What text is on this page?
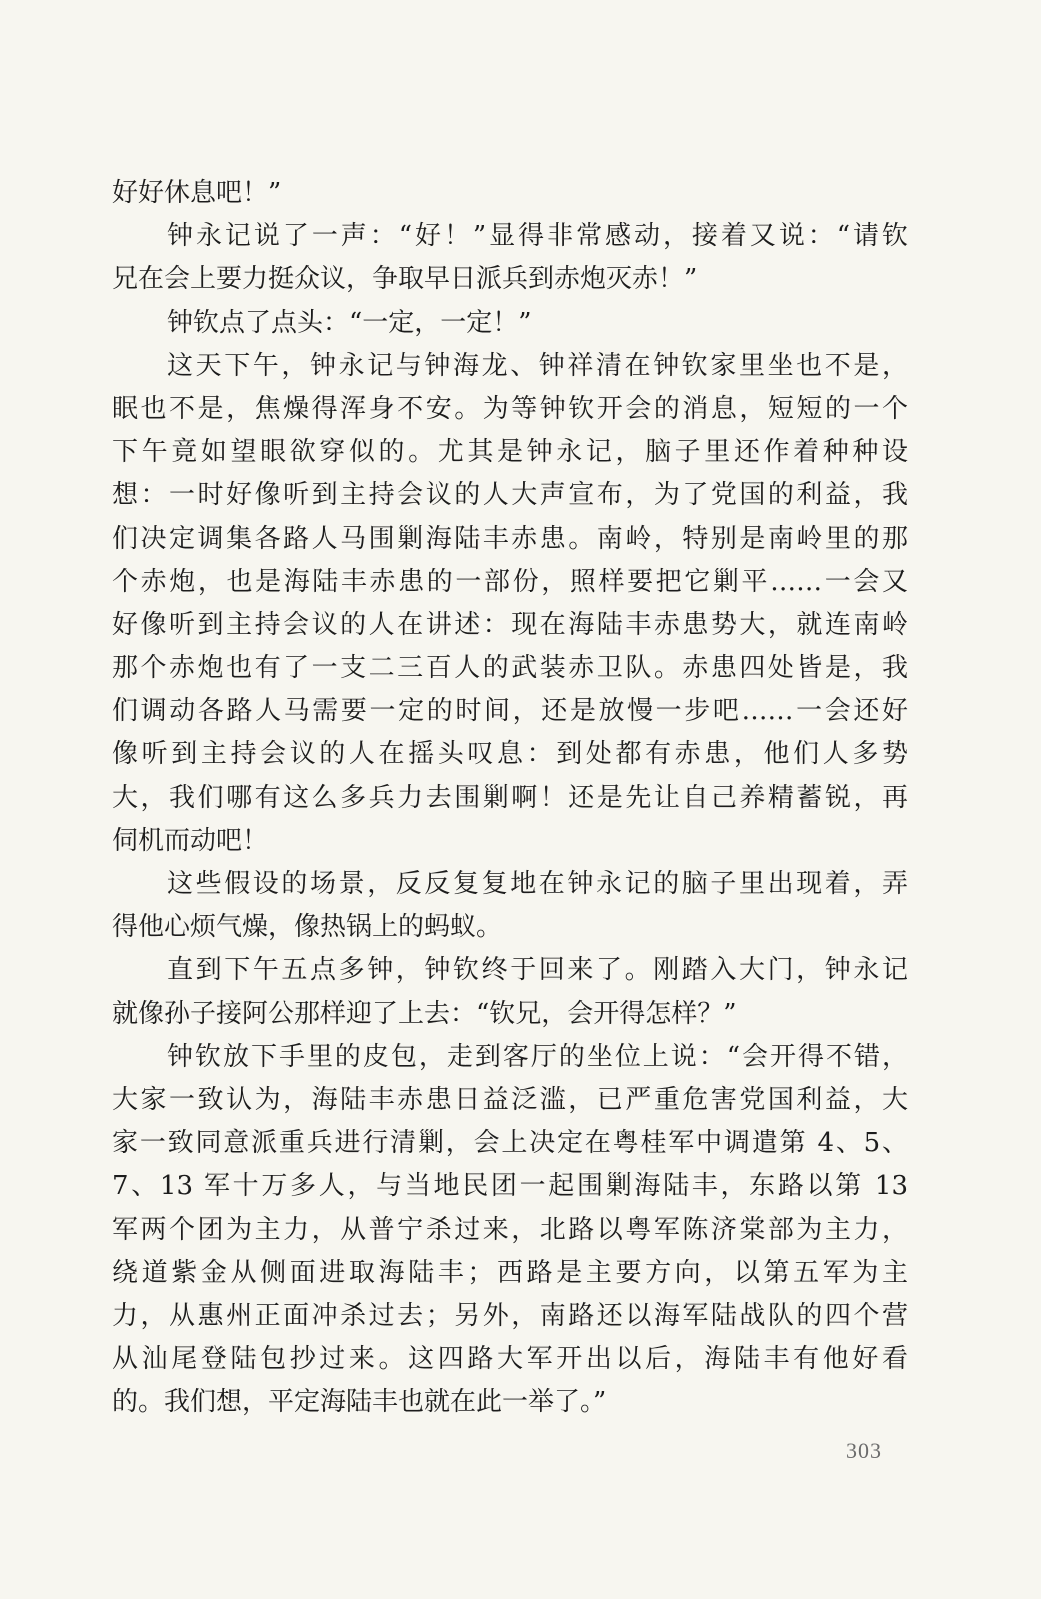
好好休息吧！”
钟永记说了一声：“好！”显得非常感动，接着又说：“请钦
兄在会上要力挺众议，争取早日派兵到赤炮灭赤！”
钟钦点了点头：“一定，一定！”
这天下午，钟永记与钟海龙、钟祥清在钟钦家里坐也不是，
眠也不是，焦燥得浑身不安。为等钟钦开会的消息，短短的一个
下午竟如望眼欲穿似的。尤其是钟永记，脑子里还作着种种设
想：一时好像听到主持会议的人大声宣布，为了党国的利益，我
们决定调集各路人马围剿海陆丰赤患。南岭，特别是南岭里的那
个赤炮，也是海陆丰赤患的一部份，照样要把它剿平……一会又
好像听到主持会议的人在讲述：现在海陆丰赤患势大，就连南岭
那个赤炮也有了一支二三百人的武装赤卫队。赤患四处皆是，我
们调动各路人马需要一定的时间，还是放慢一步吧……一会还好
像听到主持会议的人在摇头叹息：到处都有赤患，他们人多势
大，我们哪有这么多兵力去围剿啊！还是先让自己养精蓄锐，再
伺机而动吧！
这些假设的场景，反反复复地在钟永记的脑子里出现着，弄
得他心烦气燥，像热锅上的蚂蚁。
直到下午五点多钟，钟钦终于回来了。刚踏入大门，钟永记
就像孙子接阿公那样迎了上去：“钦兄，会开得怎样？”
钟钦放下手里的皮包，走到客厅的坐位上说：“会开得不错，
大家一致认为，海陆丰赤患日益泛滥，已严重危害党国利益，大
家一致同意派重兵进行清剿，会上决定在粤桂军中调遣第 4、5、
7、13 军十万多人，与当地民团一起围剿海陆丰，东路以第 13
军两个团为主力，从普宁杀过来，北路以粤军陈济棠部为主力，
绕道紫金从侧面进取海陆丰；西路是主要方向，以第五军为主
力，从惠州正面冲杀过去；另外，南路还以海军陆战队的四个营
从汕尾登陆包抄过来。这四路大军开出以后，海陆丰有他好看
的。我们想，平定海陆丰也就在此一举了。”
303
